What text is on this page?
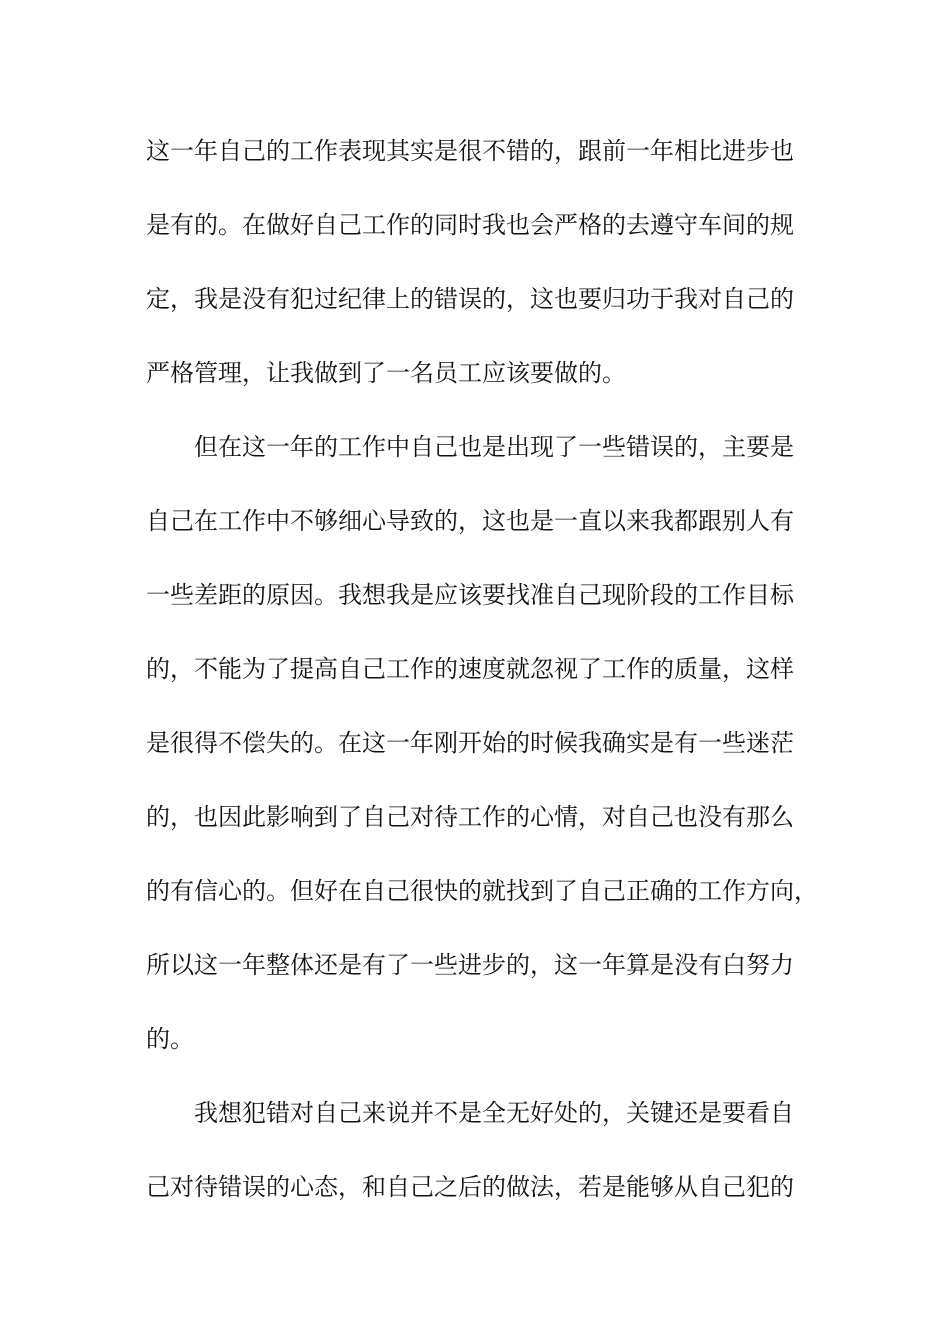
这一年自己的工作表现其实是很不错的，跟前一年相比进步也
是有的。在做好自己工作的同时我也会严格的去遵守车间的规
定，我是没有犯过纪律上的错误的，这也要归功于我对自己的
严格管理，让我做到了一名员工应该要做的。
但在这一年的工作中自己也是出现了一些错误的，主要是
自己在工作中不够细心导致的，这也是一直以来我都跟别人有
一些差距的原因。我想我是应该要找准自己现阶段的工作目标
的，不能为了提高自己工作的速度就忽视了工作的质量，这样
是很得不偿失的。在这一年刚开始的时候我确实是有一些迷茫
的，也因此影响到了自己对待工作的心情，对自己也没有那么
的有信心的。但好在自己很快的就找到了自己正确的工作方向，
所以这一年整体还是有了一些进步的，这一年算是没有白努力
的。
我想犯错对自己来说并不是全无好处的，关键还是要看自
己对待错误的心态，和自己之后的做法，若是能够从自己犯的
